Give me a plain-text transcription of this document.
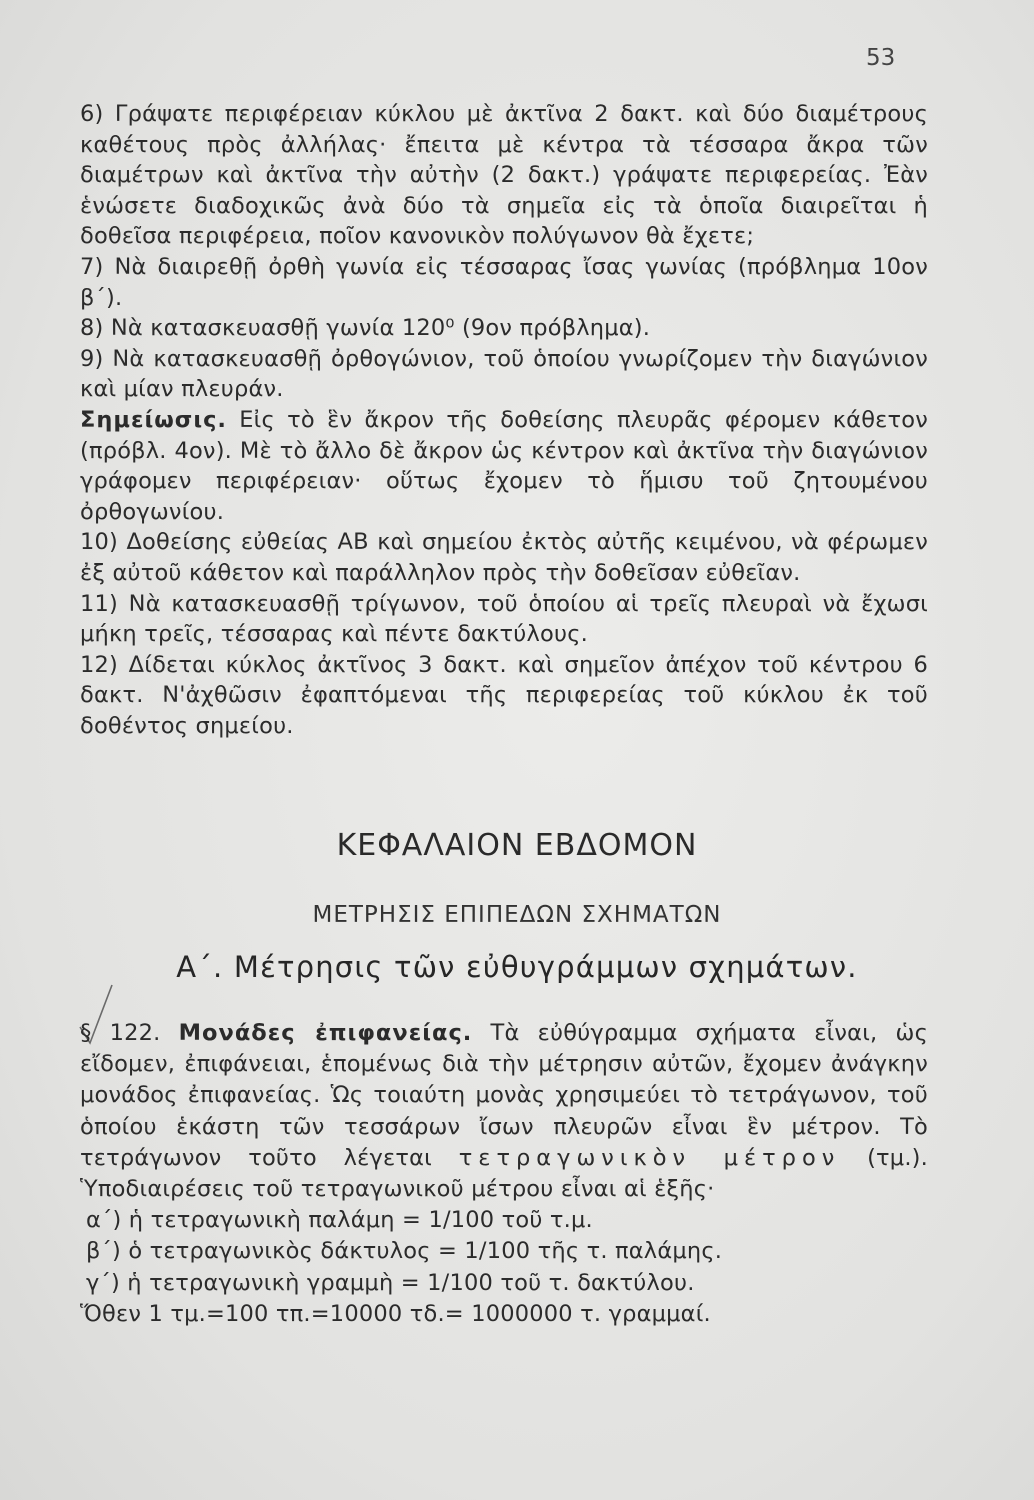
53

6) Γράψατε περιφέρειαν κύκλου μὲ ἀκτῖνα 2 δακτ. καὶ δύο διαμέτρους καθέτους πρὸς ἀλλήλας· ἔπειτα μὲ κέντρα τὰ τέσσαρα ἄκρα τῶν διαμέτρων καὶ ἀκτῖνα τὴν αὐτὴν (2 δακτ.) γράψατε περιφερείας. Ἐὰν ἑνώσετε διαδοχικῶς ἀνὰ δύο τὰ σημεῖα εἰς τὰ ὁποῖα διαιρεῖται ἡ δοθεῖσα περιφέρεια, ποῖον κανονικὸν πολύγωνον θὰ ἔχετε;

7) Νὰ διαιρεθῇ ὀρθὴ γωνία εἰς τέσσαρας ἴσας γωνίας (πρόβλημα 10ον β΄).

8) Νὰ κατασκευασθῇ γωνία 120⁰ (9ον πρόβλημα).

9) Νὰ κατασκευασθῇ ὀρθογώνιον, τοῦ ὁποίου γνωρίζομεν τὴν διαγώνιον καὶ μίαν πλευράν.

Σημείωσις. Εἰς τὸ ἓν ἄκρον τῆς δοθείσης πλευρᾶς φέρομεν κάθετον (πρόβλ. 4ον). Μὲ τὸ ἄλλο δὲ ἄκρον ὡς κέντρον καὶ ἀκτῖνα τὴν διαγώνιον γράφομεν περιφέρειαν· οὕτως ἔχομεν τὸ ἥμισυ τοῦ ζητουμένου ὀρθογωνίου.

10) Δοθείσης εὐθείας ΑΒ καὶ σημείου ἐκτὸς αὐτῆς κειμένου, νὰ φέρωμεν ἐξ αὐτοῦ κάθετον καὶ παράλληλον πρὸς τὴν δοθεῖσαν εὐθεῖαν.

11) Νὰ κατασκευασθῇ τρίγωνον, τοῦ ὁποίου αἱ τρεῖς πλευραὶ νὰ ἔχωσι μήκη τρεῖς, τέσσαρας καὶ πέντε δακτύλους.

12) Δίδεται κύκλος ἀκτῖνος 3 δακτ. καὶ σημεῖον ἀπέχον τοῦ κέντρου 6 δακτ. Ν'ἀχθῶσιν ἐφαπτόμεναι τῆς περιφερείας τοῦ κύκλου ἐκ τοῦ δοθέντος σημείου.

ΚΕΦΑΛΑΙΟΝ ΕΒΔΟΜΟΝ
ΜΕΤΡΗΣΙΣ ΕΠΙΠΕΔΩΝ ΣΧΗΜΑΤΩΝ
Α΄. Μέτρησις τῶν εὐθυγράμμων σχημάτων.

§ 122. Μονάδες ἐπιφανείας. Τὰ εὐθύγραμμα σχήματα εἶναι, ὡς εἴδομεν, ἐπιφάνειαι, ἑπομένως διὰ τὴν μέτρησιν αὐτῶν, ἔχομεν ἀνάγκην μονάδος ἐπιφανείας. Ὡς τοιαύτη μονὰς χρησιμεύει τὸ τετράγωνον, τοῦ ὁποίου ἑκάστη τῶν τεσσάρων ἴσων πλευρῶν εἶναι ἓν μέτρον. Τὸ τετράγωνον τοῦτο λέγεται τετραγωνικὸν μέτρον (τμ.). Ὑποδιαιρέσεις τοῦ τετραγωνικοῦ μέτρου εἶναι αἱ ἑξῆς·

α΄) ἡ τετραγωνικὴ παλάμη = 1/100 τοῦ τ.μ.

β΄) ὁ τετραγωνικὸς δάκτυλος = 1/100 τῆς τ. παλάμης.

γ΄) ἡ τετραγωνικὴ γραμμὴ = 1/100 τοῦ τ. δακτύλου.

Ὅθεν 1 τμ.=100 τπ.=10000 τδ.= 1000000 τ. γραμμαί.
